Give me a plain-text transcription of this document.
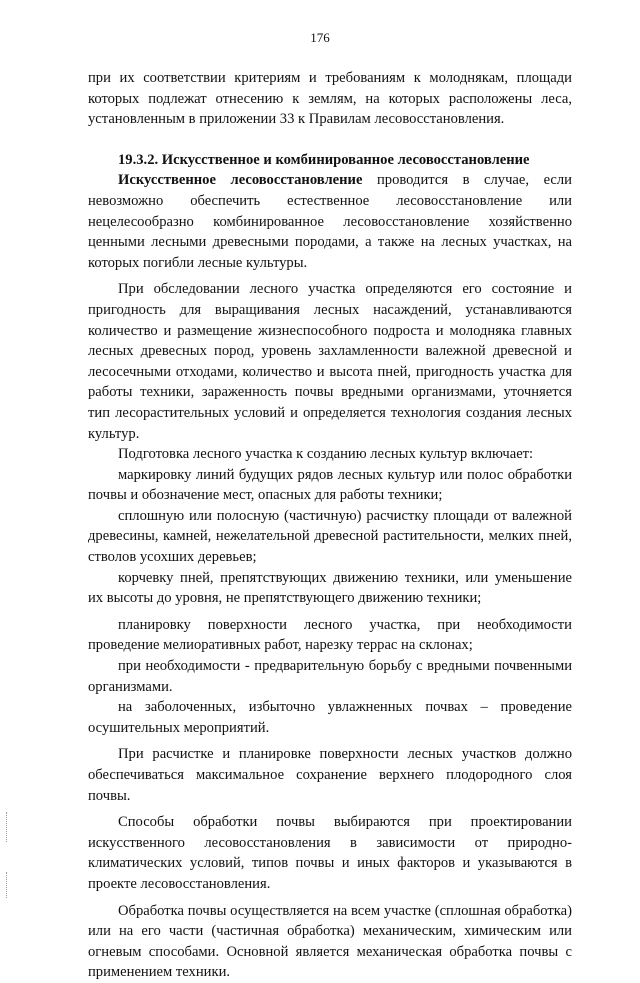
176

при их соответствии критериям и требованиям к молоднякам, площади которых подлежат отнесению к землям, на которых расположены леса, установленным в приложении 33 к Правилам лесовосстановления.

19.3.2. Искусственное и комбинированное лесовосстановление

Искусственное лесовосстановление проводится в случае, если невозможно обеспечить естественное лесовосстановление или нецелесообразно комбинированное лесовосстановление хозяйственно ценными лесными древесными породами, а также на лесных участках, на которых погибли лесные культуры.

При обследовании лесного участка определяются его состояние и пригодность для выращивания лесных насаждений, устанавливаются количество и размещение жизнеспособного подроста и молодняка главных лесных древесных пород, уровень захламленности валежной древесной и лесосечными отходами, количество и высота пней, пригодность участка для работы техники, зараженность почвы вредными организмами, уточняется тип лесорастительных условий и определяется технология создания лесных культур.

Подготовка лесного участка к созданию лесных культур включает:

маркировку линий будущих рядов лесных культур или полос обработки почвы и обозначение мест, опасных для работы техники;

сплошную или полосную (частичную) расчистку площади от валежной древесины, камней, нежелательной древесной растительности, мелких пней, стволов усохших деревьев;

корчевку пней, препятствующих движению техники, или уменьшение их высоты до уровня, не препятствующего движению техники;

планировку поверхности лесного участка, при необходимости проведение мелиоративных работ, нарезку террас на склонах;

при необходимости - предварительную борьбу с вредными почвенными организмами.

на заболоченных, избыточно увлажненных почвах – проведение осушительных мероприятий.

При расчистке и планировке поверхности лесных участков должно обеспечиваться максимальное сохранение верхнего плодородного слоя почвы.

Способы обработки почвы выбираются при проектировании искусственного лесовосстановления в зависимости от природно-климатических условий, типов почвы и иных факторов и указываются в проекте лесовосстановления.

Обработка почвы осуществляется на всем участке (сплошная обработка) или на его части (частичная обработка) механическим, химическим или огневым способами. Основной является механическая обработка почвы с применением техники.
